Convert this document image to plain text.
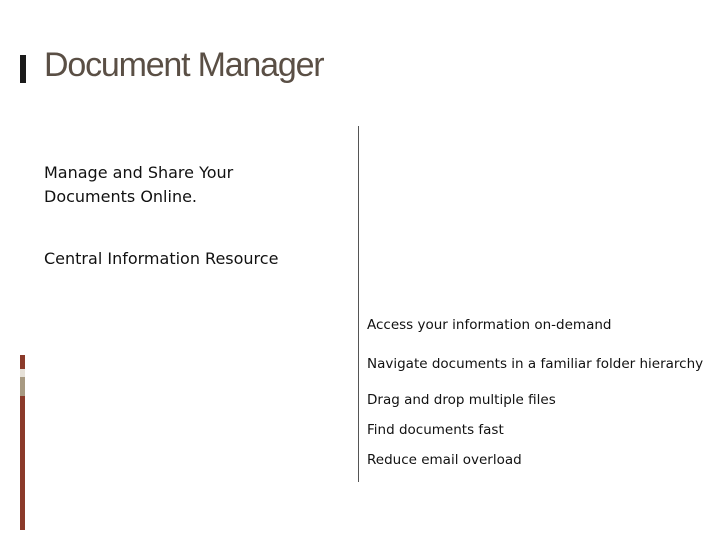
Document Manager
Manage and Share Your Documents Online.
Central Information Resource
Access your information on-demand
Navigate documents in a familiar folder hierarchy
Drag and drop multiple files
Find documents fast
Reduce email overload
